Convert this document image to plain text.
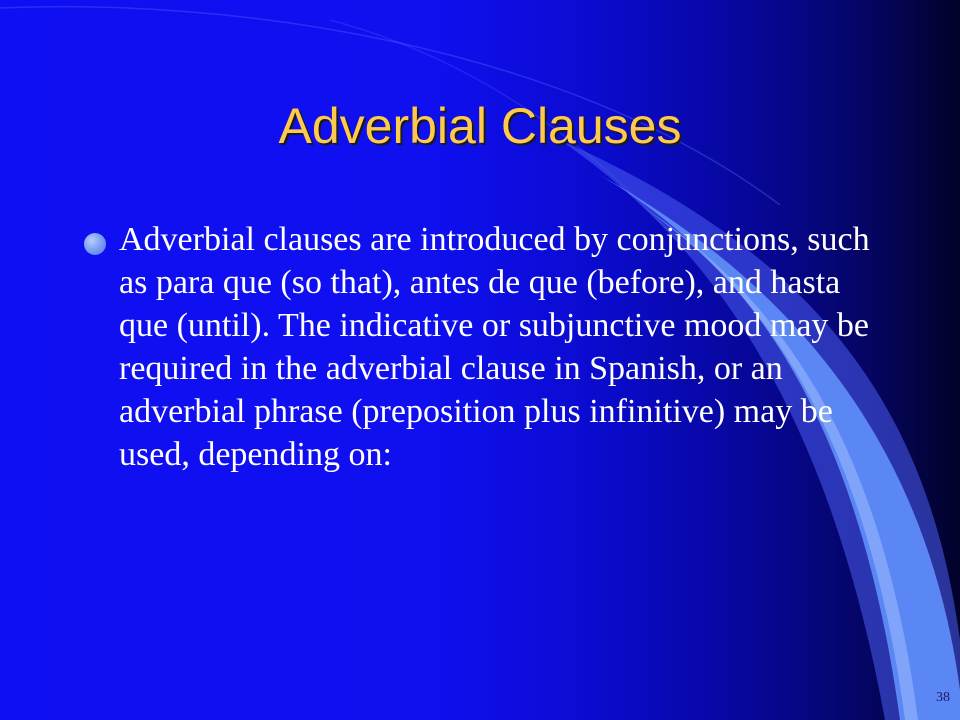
Adverbial Clauses
Adverbial clauses are introduced by conjunctions, such as para que (so that), antes de que (before), and hasta que (until). The indicative or subjunctive mood may be required in the adverbial clause in Spanish, or an adverbial phrase (preposition plus infinitive) may be used, depending on:
38
